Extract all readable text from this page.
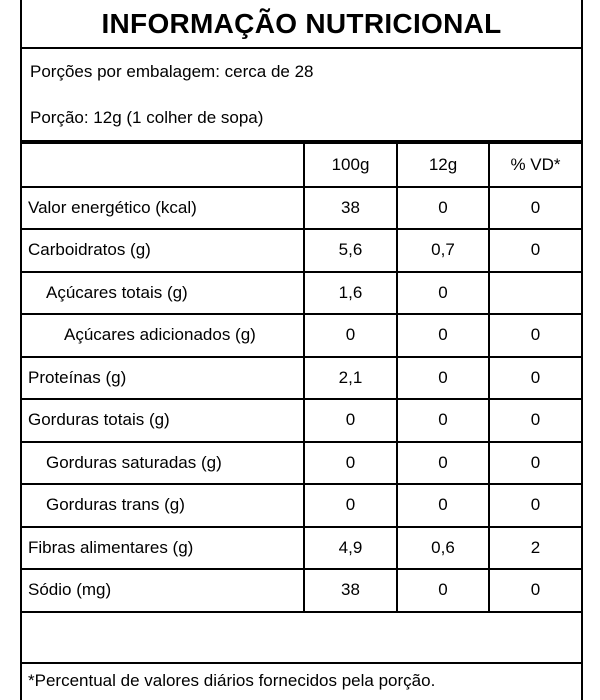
INFORMAÇÃO NUTRICIONAL
Porções por embalagem: cerca de 28
Porção: 12g (1 colher de sopa)
	100g	12g	% VD*
Valor energético (kcal)	38	0	0
Carboidratos (g)	5,6	0,7	0
Açúcares totais (g)	1,6	0	
Açúcares adicionados (g)	0	0	0
Proteínas (g)	2,1	0	0
Gorduras totais (g)	0	0	0
Gorduras saturadas (g)	0	0	0
Gorduras trans (g)	0	0	0
Fibras alimentares (g)	4,9	0,6	2
Sódio (mg)	38	0	0
*Percentual de valores diários fornecidos pela porção.
